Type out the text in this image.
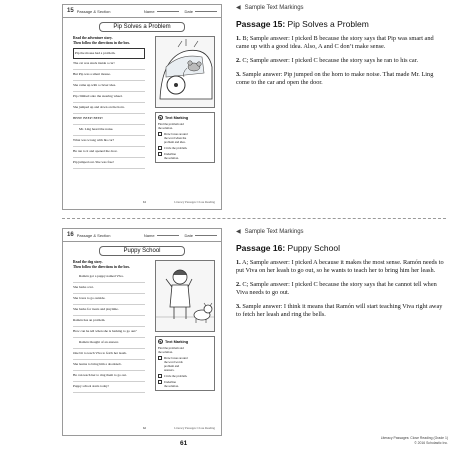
15 Passage & Section	Name	Date
Pip Solves a Problem
Read the adventure story.
Then follow the directions in the box.
Pip the mouse had a problem.
The cat was stuck inside a car!
But Pip was a smart mouse.
She came up with a clever idea.
Pip climbed onto the steering wheel.
She jumped up and down on the horn.
BEEP! BEEP! BEEP!
Mr. Ling heard the noise.
What was wrong with his car?
He ran to it and opened the door.
Pip jumped out. She was free!
✎ Text Marking
Find the problem and
the solution.
Draw boxes around
the word when the
problem and idea.
Circle the problem.
Underline
the solution.
61	Literacy Passages: Close Reading
◀ Sample Text Markings
Passage 15: Pip Solves a Problem
1. B; Sample answer: I picked B because the story says that Pip was smart and came up with a good idea. Also, A and C don’t make sense.
2. C; Sample answer: I picked C because the story says he ran to his car.
3. Sample answer: Pip jumped on the horn to make noise. That made Mr. Ling come to the car and open the door.
16 Passage & Section	Name	Date
Puppy School
Read the dog story.
Then follow the directions in the box.
Ramón got a puppy named Viva.
She barks a lot.
She loves to go outside.
She barks for treats and playtime.
Ramón has an problem.
How can he tell when she is barking to go out?
Ramón thought of an answer.
One bit to teach Viva to fetch her leash.
She learns to bring him a doorknob.
He can teach her to ring them to go out.
Puppy school starts today!
✎ Text Marking
Find the problem and
the solution.
Draw boxes around
the word words
problem and
answers.
Circle the problem.
Underline
the solution.
62	Literacy Passages: Close Reading
◀ Sample Text Markings
Passage 16: Puppy School
1. A; Sample answer: I picked A because it makes the most sense. Ramón needs to put Viva on her leash to go out, so he wants to teach her to bring him her leash.
2. C; Sample answer: I picked C because the story says that he cannot tell when Viva needs to go out.
3. Sample answer: I think it means that Ramón will start teaching Viva right away to fetch her leash and ring the bells.
61
Literacy Passages: Close Reading (Grade 1)
© 2016 Scholastic Inc.
